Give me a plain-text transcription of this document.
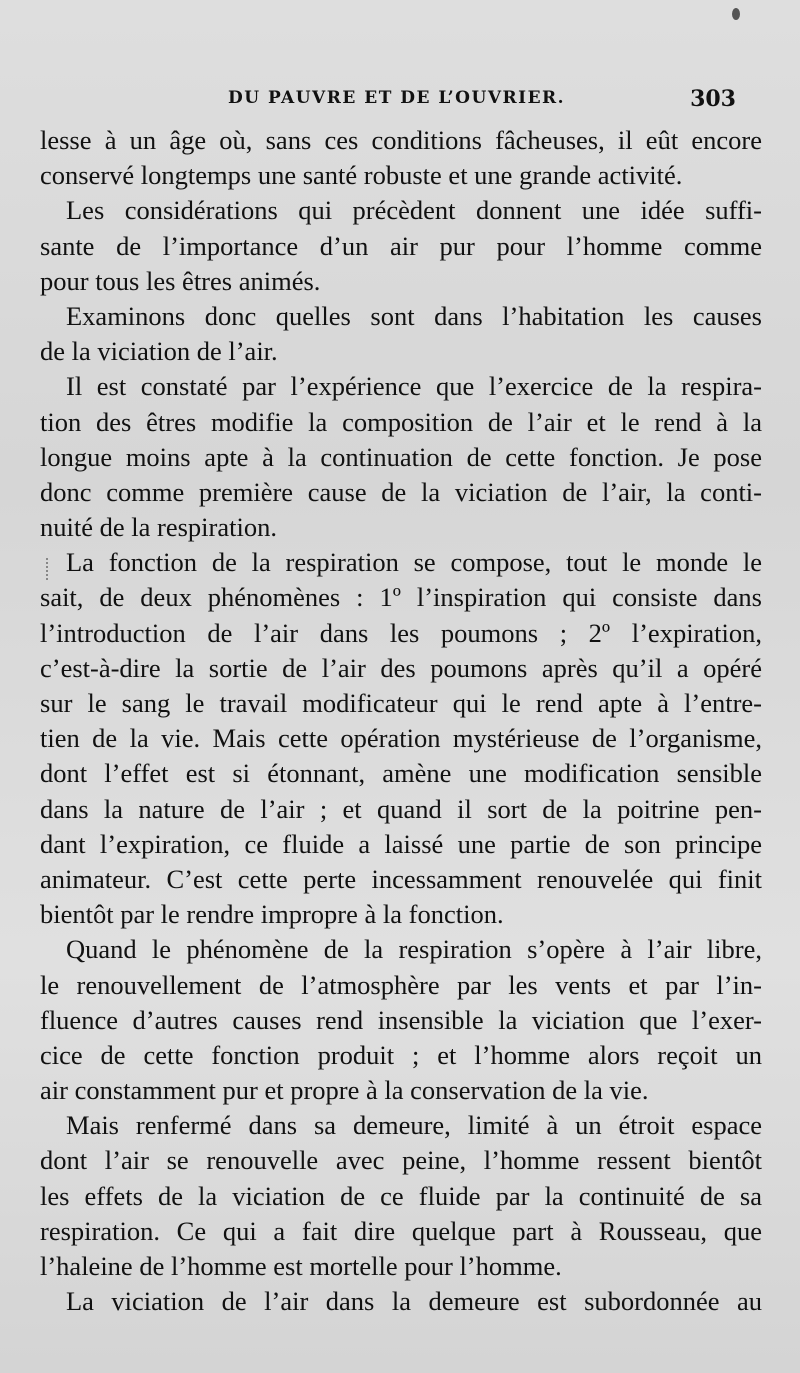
DU PAUVRE ET DE L’OUVRIER.	303
lesse à un âge où, sans ces conditions fâcheuses, il eût encore
conservé longtemps une santé robuste et une grande activité.
Les considérations qui précèdent donnent une idée suffi-
sante de l’importance d’un air pur pour l’homme comme
pour tous les êtres animés.
Examinons donc quelles sont dans l’habitation les causes
de la viciation de l’air.
Il est constaté par l’expérience que l’exercice de la respira-
tion des êtres modifie la composition de l’air et le rend à la
longue moins apte à la continuation de cette fonction. Je pose
donc comme première cause de la viciation de l’air, la conti-
nuité de la respiration.
La fonction de la respiration se compose, tout le monde le
sait, de deux phénomènes : 1º l’inspiration qui consiste dans
l’introduction de l’air dans les poumons ; 2º l’expiration,
c’est-à-dire la sortie de l’air des poumons après qu’il a opéré
sur le sang le travail modificateur qui le rend apte à l’entre-
tien de la vie. Mais cette opération mystérieuse de l’organisme,
dont l’effet est si étonnant, amène une modification sensible
dans la nature de l’air ; et quand il sort de la poitrine pen-
dant l’expiration, ce fluide a laissé une partie de son principe
animateur. C’est cette perte incessamment renouvelée qui finit
bientôt par le rendre impropre à la fonction.
Quand le phénomène de la respiration s’opère à l’air libre,
le renouvellement de l’atmosphère par les vents et par l’in-
fluence d’autres causes rend insensible la viciation que l’exer-
cice de cette fonction produit ; et l’homme alors reçoit un
air constamment pur et propre à la conservation de la vie.
Mais renfermé dans sa demeure, limité à un étroit espace
dont l’air se renouvelle avec peine, l’homme ressent bientôt
les effets de la viciation de ce fluide par la continuité de sa
respiration. Ce qui a fait dire quelque part à Rousseau, que
l’haleine de l’homme est mortelle pour l’homme.
La viciation de l’air dans la demeure est subordonnée au
